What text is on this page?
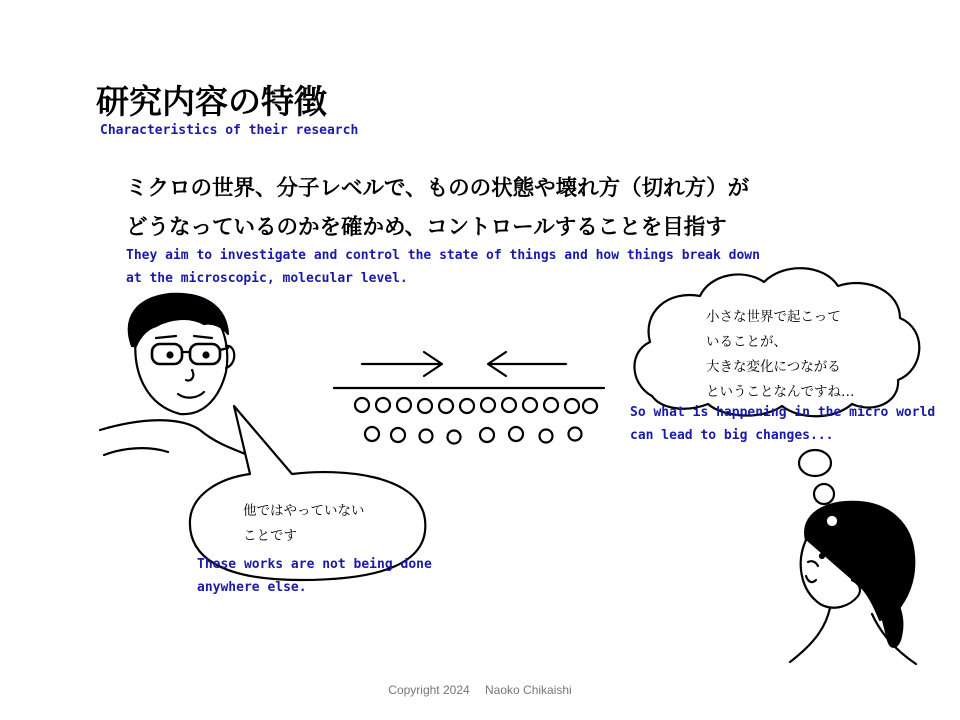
研究内容の特徴
Characteristics of their research
ミクロの世界、分子レベルで、ものの状態や壊れ方（切れ方）が
どうなっているのかを確かめ、コントロールすることを目指す
They aim to investigate and control the state of things and how things break down
at the microscopic, molecular level.
小さな世界で起こって
いることが、
大きな変化につながる
ということなんですね…
So what is happening in the micro world
can lead to big changes...
他ではやっていない
ことです
These works are not being done
anywhere else.
Copyright 2024　 Naoko Chikaishi
